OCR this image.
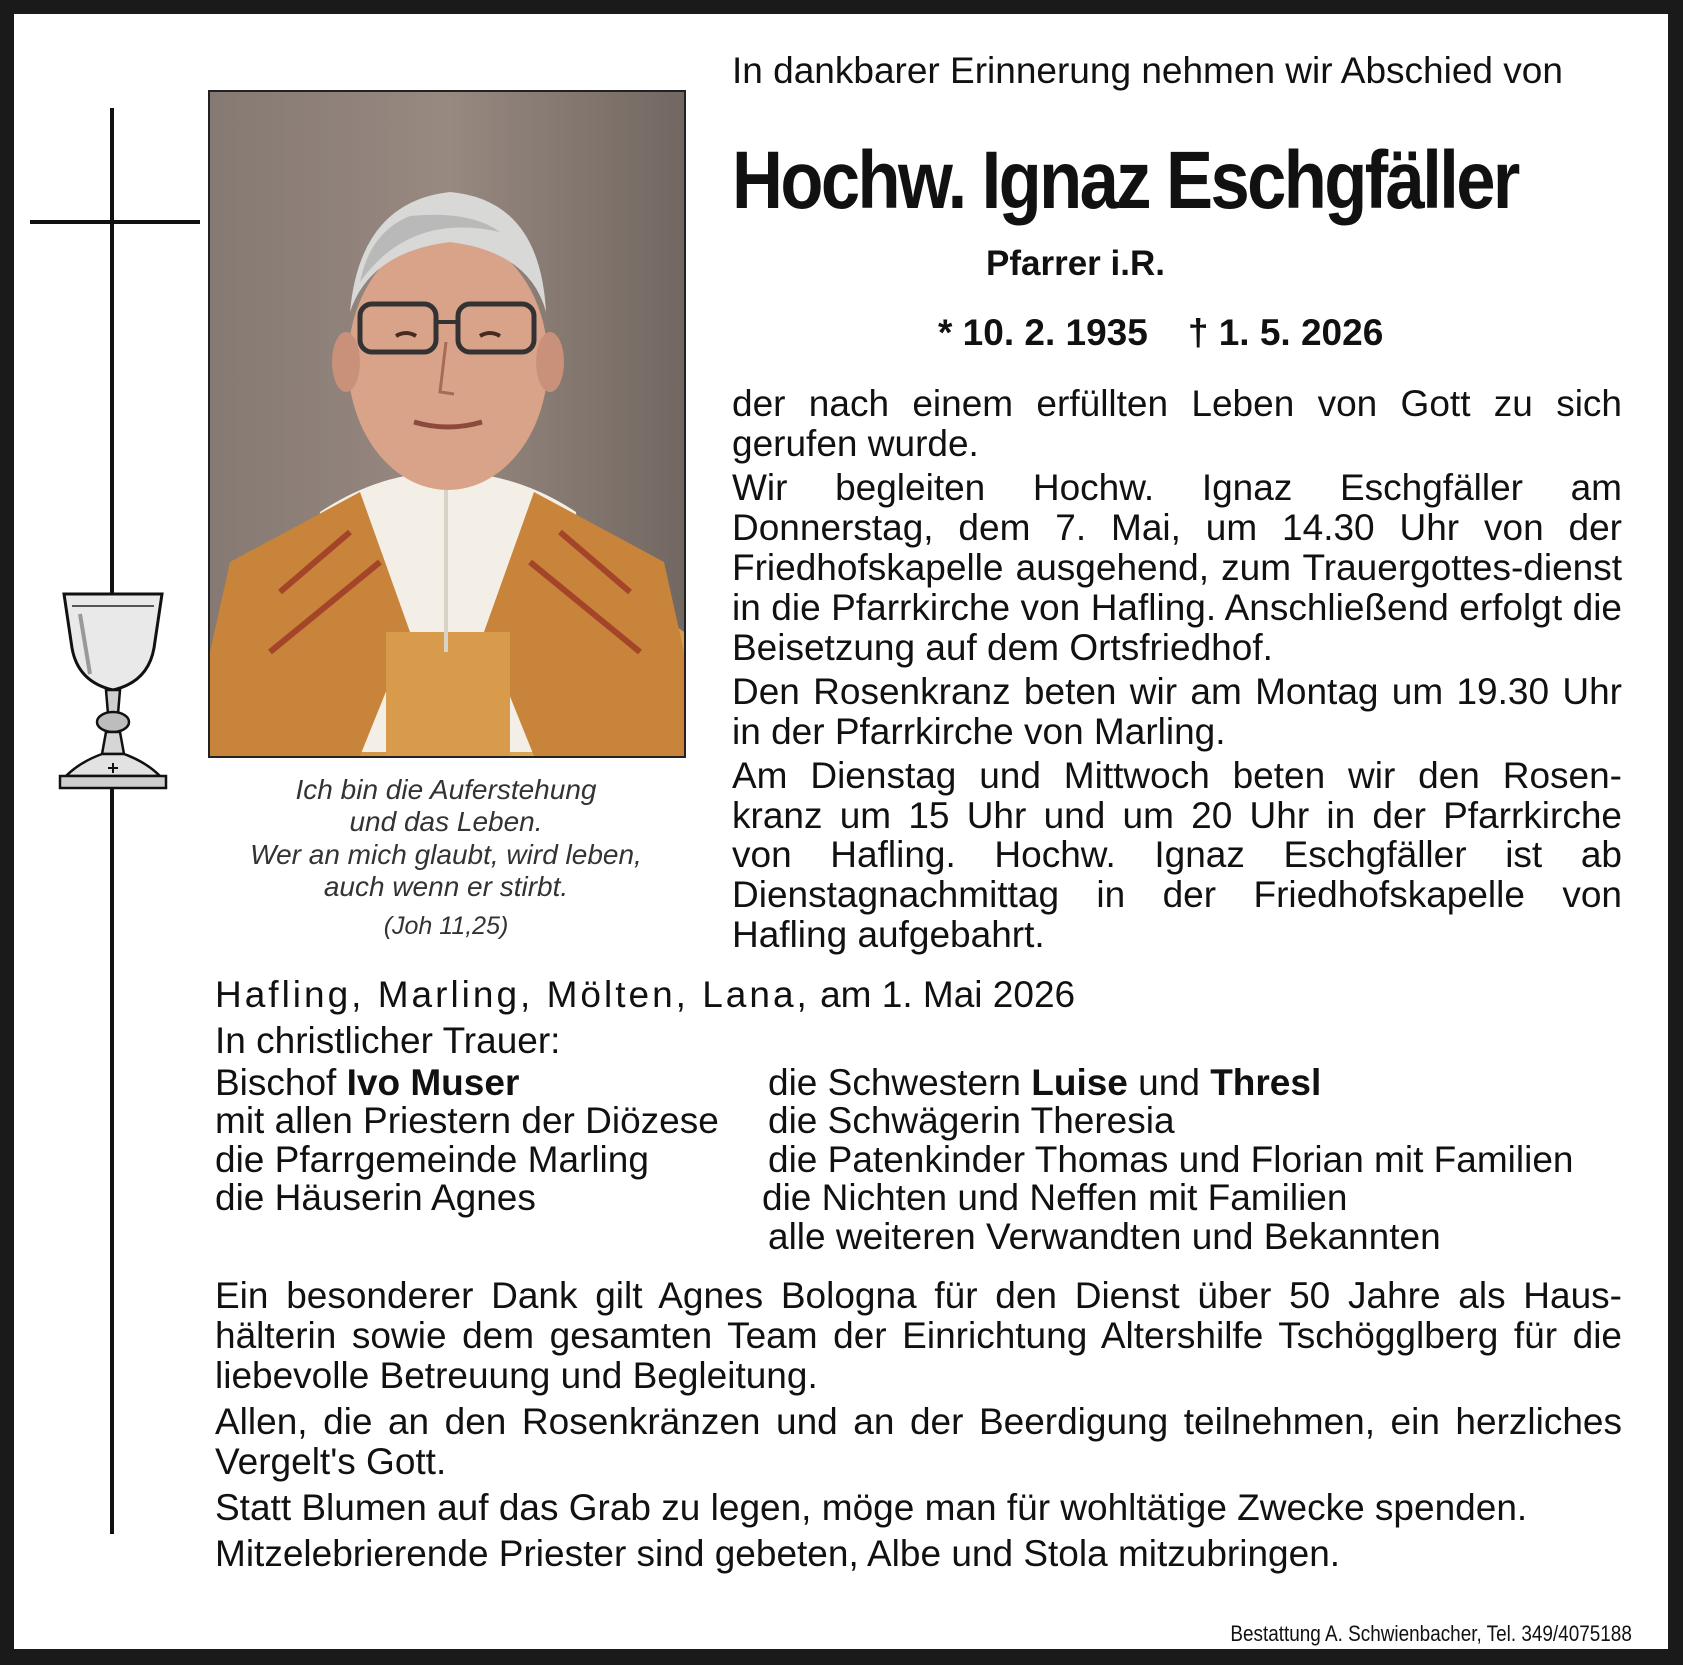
In dankbarer Erinnerung nehmen wir Abschied von
Hochw. Ignaz Eschgfäller
Pfarrer i.R.
* 10. 2. 1935 † 1. 5. 2026

der nach einem erfüllten Leben von Gott zu sich gerufen wurde.

Wir begleiten Hochw. Ignaz Eschgfäller am Donnerstag, dem 7. Mai, um 14.30 Uhr von der Friedhofskapelle ausgehend, zum Trauergottes-dienst in die Pfarrkirche von Hafling. Anschließend erfolgt die Beisetzung auf dem Ortsfriedhof.

Den Rosenkranz beten wir am Montag um 19.30 Uhr in der Pfarrkirche von Marling.

Am Dienstag und Mittwoch beten wir den Rosen-kranz um 15 Uhr und um 20 Uhr in der Pfarrkirche von Hafling. Hochw. Ignaz Eschgfäller ist ab Dienstagnachmittag in der Friedhofskapelle von Hafling aufgebahrt.

Ich bin die Auferstehung
und das Leben.
Wer an mich glaubt, wird leben,
auch wenn er stirbt.
(Joh 11,25)
Hafling, Marling, Mölten, Lana, am 1. Mai 2026
In christlicher Trauer:
Bischof Ivo Muser
mit allen Priestern der Diözese
die Pfarrgemeinde Marling
die Häuserin Agnes
die Schwestern Luise und Thresl
die Schwägerin Theresia
die Patenkinder Thomas und Florian mit Familien
die Nichten und Neffen mit Familien
alle weiteren Verwandten und Bekannten

Ein besonderer Dank gilt Agnes Bologna für den Dienst über 50 Jahre als Haus-hälterin sowie dem gesamten Team der Einrichtung Altershilfe Tschögglberg für die liebevolle Betreuung und Begleitung.

Allen, die an den Rosenkränzen und an der Beerdigung teilnehmen, ein herzliches Vergelt's Gott.

Statt Blumen auf das Grab zu legen, möge man für wohltätige Zwecke spenden.

Mitzelebrierende Priester sind gebeten, Albe und Stola mitzubringen.

Bestattung A. Schwienbacher, Tel. 349/4075188
